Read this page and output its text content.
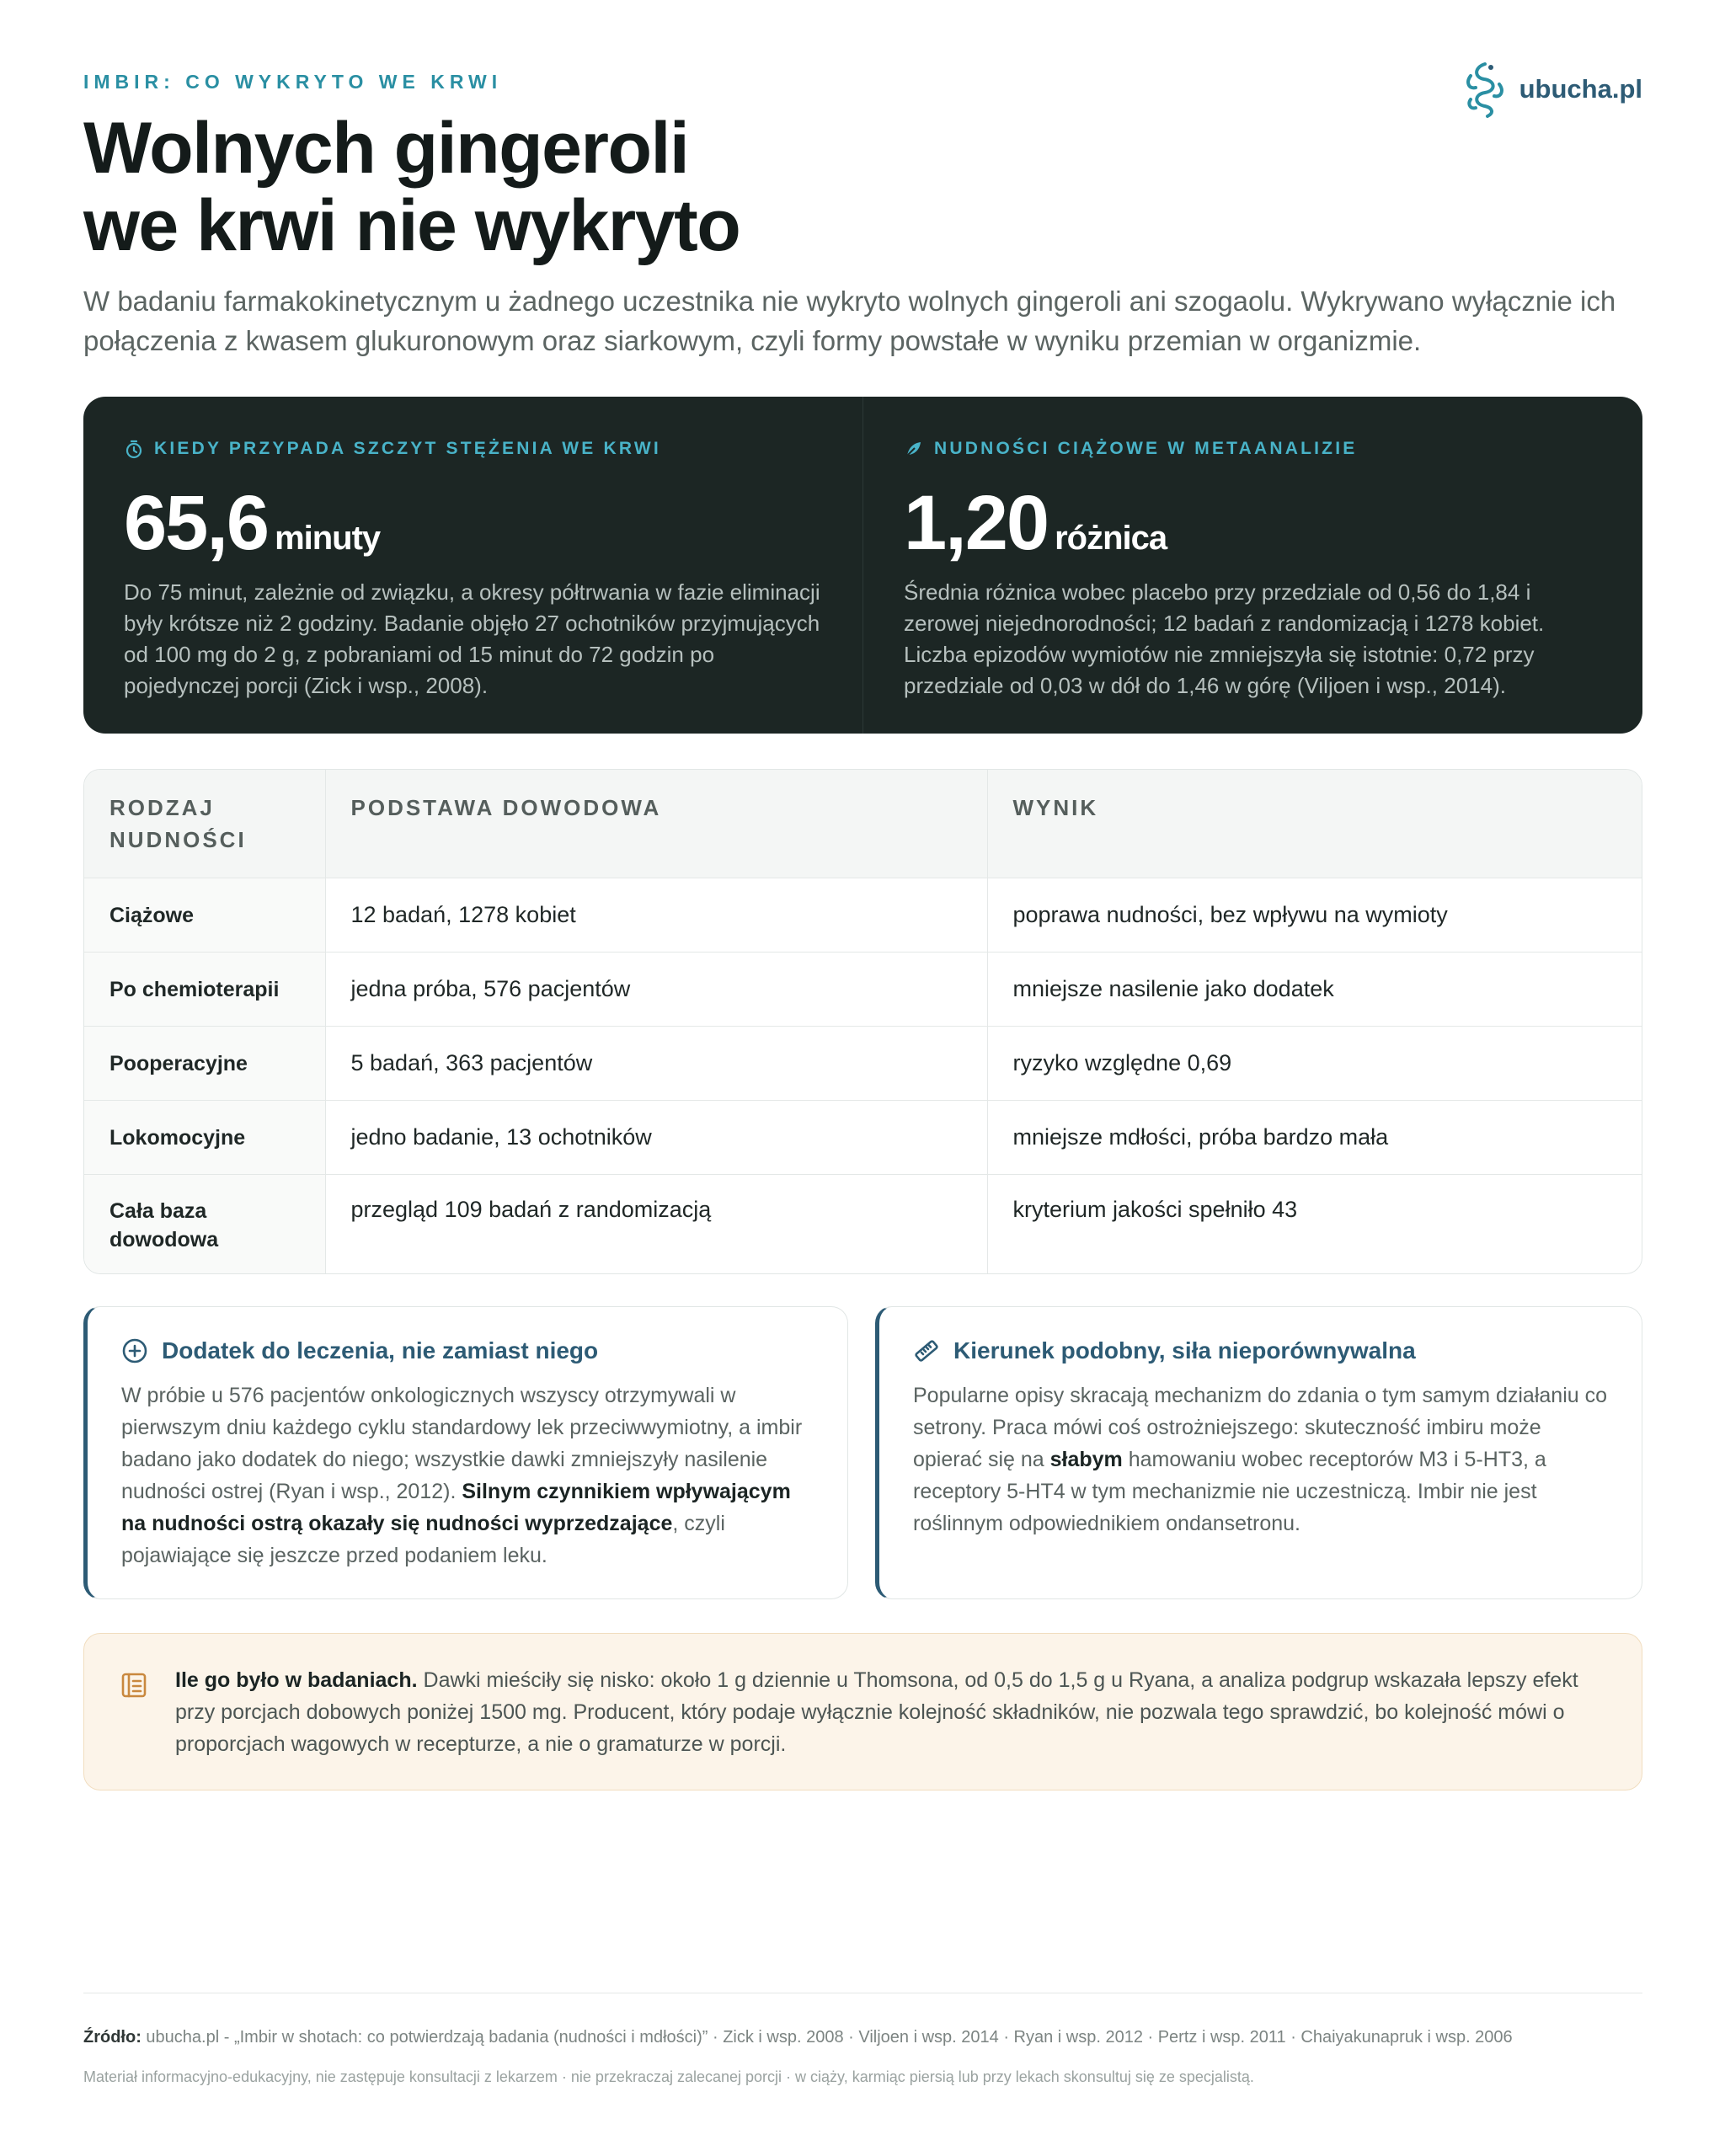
IMBIR: CO WYKRYTO WE KRWI	ubucha.pl
Wolnych gingeroli
we krwi nie wykryto

W badaniu farmakokinetycznym u żadnego uczestnika nie wykryto wolnych gingeroli ani szogaolu. Wykrywano wyłącznie ich połączenia z kwasem glukuronowym oraz siarkowym, czyli formy powstałe w wyniku przemian w organizmie.

KIEDY PRZYPADA SZCZYT STĘŻENIA WE KRWI
65,6 minuty

Do 75 minut, zależnie od związku, a okresy półtrwania w fazie eliminacji były krótsze niż 2 godziny. Badanie objęło 27 ochotników przyjmujących od 100 mg do 2 g, z pobraniami od 15 minut do 72 godzin po pojedynczej porcji (Zick i wsp., 2008).

NUDNOŚCI CIĄŻOWE W METAANALIZIE
1,20 różnica

Średnia różnica wobec placebo przy przedziale od 0,56 do 1,84 i zerowej niejednorodności; 12 badań z randomizacją i 1278 kobiet. Liczba epizodów wymiotów nie zmniejszyła się istotnie: 0,72 przy przedziale od 0,03 w dół do 1,46 w górę (Viljoen i wsp., 2014).

RODZAJ NUDNOŚCI	PODSTAWA DOWODOWA	WYNIK
Ciążowe	12 badań, 1278 kobiet	poprawa nudności, bez wpływu na wymioty
Po chemioterapii	jedna próba, 576 pacjentów	mniejsze nasilenie jako dodatek
Pooperacyjne	5 badań, 363 pacjentów	ryzyko względne 0,69
Lokomocyjne	jedno badanie, 13 ochotników	mniejsze mdłości, próba bardzo mała
Cała baza dowodowa	przegląd 109 badań z randomizacją	kryterium jakości spełniło 43
Dodatek do leczenia, nie zamiast niego

W próbie u 576 pacjentów onkologicznych wszyscy otrzymywali w pierwszym dniu każdego cyklu standardowy lek przeciwwymiotny, a imbir badano jako dodatek do niego; wszystkie dawki zmniejszyły nasilenie nudności ostrej (Ryan i wsp., 2012). Silnym czynnikiem wpływającym na nudności ostrą okazały się nudności wyprzedzające, czyli pojawiające się jeszcze przed podaniem leku.

Kierunek podobny, siła nieporównywalna

Popularne opisy skracają mechanizm do zdania o tym samym działaniu co setrony. Praca mówi coś ostrożniejszego: skuteczność imbiru może opierać się na słabym hamowaniu wobec receptorów M3 i 5-HT3, a receptory 5-HT4 w tym mechanizmie nie uczestniczą. Imbir nie jest roślinnym odpowiednikiem ondansetronu.

Ile go było w badaniach. Dawki mieściły się nisko: około 1 g dziennie u Thomsona, od 0,5 do 1,5 g u Ryana, a analiza podgrup wskazała lepszy efekt przy porcjach dobowych poniżej 1500 mg. Producent, który podaje wyłącznie kolejność składników, nie pozwala tego sprawdzić, bo kolejność mówi o proporcjach wagowych w recepturze, a nie o gramaturze w porcji.

Źródło: ubucha.pl - „Imbir w shotach: co potwierdzają badania (nudności i mdłości)” · Zick i wsp. 2008 · Viljoen i wsp. 2014 · Ryan i wsp. 2012 · Pertz i wsp. 2011 · Chaiyakunapruk i wsp. 2006

Materiał informacyjno-edukacyjny, nie zastępuje konsultacji z lekarzem · nie przekraczaj zalecanej porcji · w ciąży, karmiąc piersią lub przy lekach skonsultuj się ze specjalistą.
